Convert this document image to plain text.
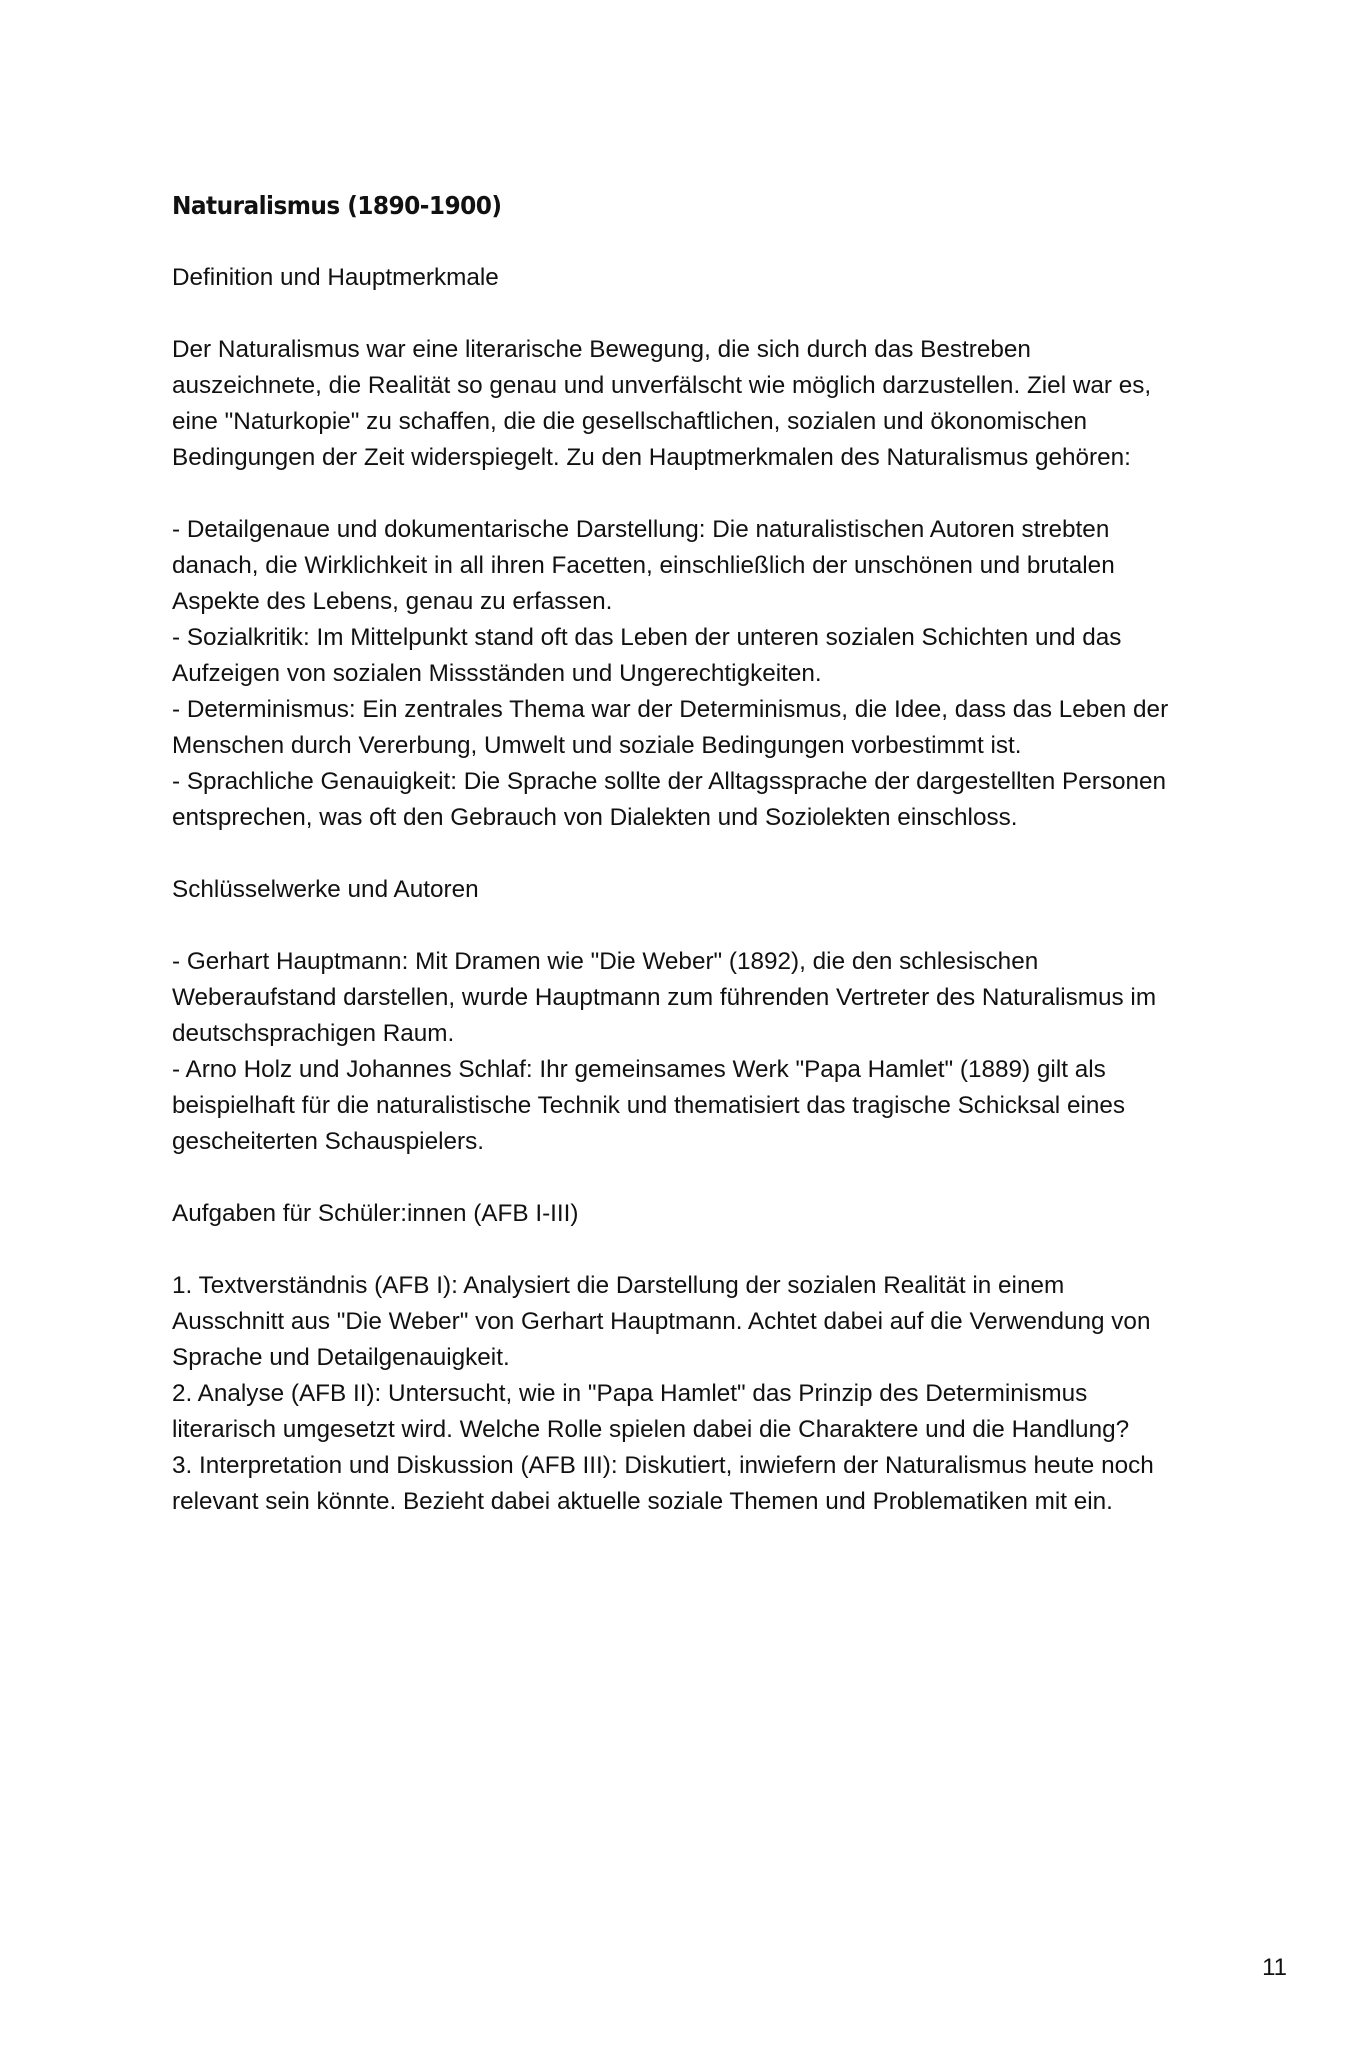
Naturalismus (1890-1900)

Definition und Hauptmerkmale

Der Naturalismus war eine literarische Bewegung, die sich durch das Bestreben

auszeichnete, die Realität so genau und unverfälscht wie möglich darzustellen. Ziel war es,

eine "Naturkopie" zu schaffen, die die gesellschaftlichen, sozialen und ökonomischen

Bedingungen der Zeit widerspiegelt. Zu den Hauptmerkmalen des Naturalismus gehören:

- Detailgenaue und dokumentarische Darstellung: Die naturalistischen Autoren strebten

danach, die Wirklichkeit in all ihren Facetten, einschließlich der unschönen und brutalen

Aspekte des Lebens, genau zu erfassen.

- Sozialkritik: Im Mittelpunkt stand oft das Leben der unteren sozialen Schichten und das

Aufzeigen von sozialen Missständen und Ungerechtigkeiten.

- Determinismus: Ein zentrales Thema war der Determinismus, die Idee, dass das Leben der

Menschen durch Vererbung, Umwelt und soziale Bedingungen vorbestimmt ist.

- Sprachliche Genauigkeit: Die Sprache sollte der Alltagssprache der dargestellten Personen

entsprechen, was oft den Gebrauch von Dialekten und Soziolekten einschloss.

Schlüsselwerke und Autoren

- Gerhart Hauptmann: Mit Dramen wie "Die Weber" (1892), die den schlesischen

Weberaufstand darstellen, wurde Hauptmann zum führenden Vertreter des Naturalismus im

deutschsprachigen Raum.

- Arno Holz und Johannes Schlaf: Ihr gemeinsames Werk "Papa Hamlet" (1889) gilt als

beispielhaft für die naturalistische Technik und thematisiert das tragische Schicksal eines

gescheiterten Schauspielers.

Aufgaben für Schüler:innen (AFB I-III)

1. Textverständnis (AFB I): Analysiert die Darstellung der sozialen Realität in einem

Ausschnitt aus "Die Weber" von Gerhart Hauptmann. Achtet dabei auf die Verwendung von

Sprache und Detailgenauigkeit.

2. Analyse (AFB II): Untersucht, wie in "Papa Hamlet" das Prinzip des Determinismus

literarisch umgesetzt wird. Welche Rolle spielen dabei die Charaktere und die Handlung?

3. Interpretation und Diskussion (AFB III): Diskutiert, inwiefern der Naturalismus heute noch

relevant sein könnte. Bezieht dabei aktuelle soziale Themen und Problematiken mit ein.

11
